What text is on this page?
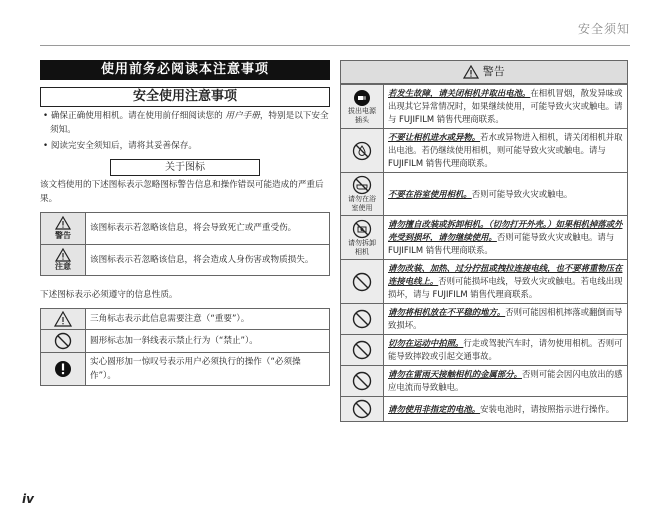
安全须知
使用前务必阅读本注意事项
安全使用注意事项
• 确保正确使用相机。请在使用前仔细阅读您的 用户手册，特别是以下安全须知。
• 阅读完安全须知后，请将其妥善保存。
关于图标
该文档使用的下述图标表示忽略图标警告信息和操作错误可能造成的严重后果。
警告	该图标表示若忽略该信息，将会导致死亡或严重受伤。

注意	该图标表示若忽略该信息，将会造成人身伤害或物质损失。
下述图标表示必须遵守的信息性质。
	三角标志表示此信息需要注意（“重要”）。
	圆形标志加一斜线表示禁止行为（“禁止”）。
	实心圆形加一惊叹号表示用户必须执行的操作（“必须操作”）。
警告

拔出电源插头	若发生故障，请关闭相机并取出电池。在相机冒烟，散发异味或出现其它异常情况时，如果继续使用，可能导致火灾或触电。请与 FUJIFILM 销售代理商联系。
	不要让相机进水或异物。若水或异物进入相机，请关闭相机并取出电池。若仍继续使用相机，则可能导致火灾或触电。请与 FUJIFILM 销售代理商联系。

请勿在浴室使用	不要在浴室使用相机。否则可能导致火灾或触电。

请勿拆卸相机	请勿擅自改装或拆卸相机。（切勿打开外壳。）如果相机掉落或外壳受到损坏，请勿继续使用。否则可能导致火灾或触电。请与 FUJIFILM 销售代理商联系。
	请勿改装、加热、过分拧扭或拽拉连接电线，也不要将重物压在连接电线上。否则可能损坏电线，导致火灾或触电。若电线出现损坏，请与 FUJIFILM 销售代理商联系。
	请勿将相机放在不平稳的地方。否则可能因相机摔落或翻倒而导致损坏。
	切勿在运动中拍照。行走或驾驶汽车时，请勿使用相机。否则可能导致摔跤或引起交通事故。
	请勿在雷雨天接触相机的金属部分。否则可能会因闪电放出的感应电流而导致触电。
	请勿使用非指定的电池。安装电池时，请按照指示进行操作。
iv
